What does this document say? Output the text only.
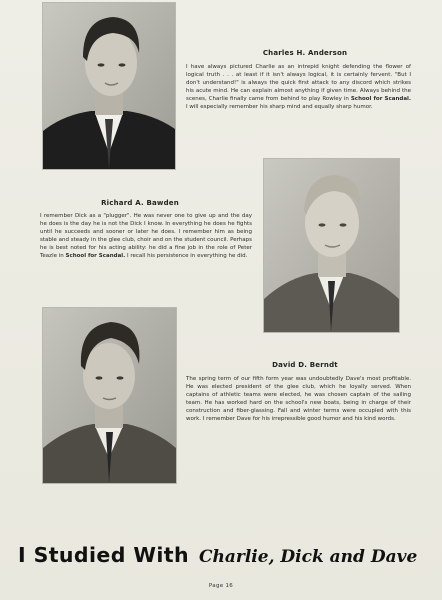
Charles H. Anderson
I have always pictured Charlie as an intrepid knight defending the flower of logical truth . . . at least if it isn't always logical, it is certainly fervent. "But I don't understand!" is always the quick first attack to any discord which strikes his acute mind. He can explain almost anything if given time. Always behind the scenes, Charlie finally came from behind to play Rowley in School for Scandal. I will especially remember his sharp mind and equally sharp humor.
Richard A. Bawden
I remember Dick as a "plugger". He was never one to give up and the day he does is the day he is not the Dick I know. In everything he does he fights until he succeeds and sooner or later he does. I remember him as being stable and steady in the glee club, choir and on the student council. Perhaps he is best noted for his acting ability: he did a fine job in the role of Peter Teazle in School for Scandal. I recall his persistence in everything he did.
David D. Berndt
The spring term of our fifth form year was undoubtedly Dave's most profitable. He was elected president of the glee club, which he loyally served. When captains of athletic teams were elected, he was chosen captain of the sailing team. He has worked hard on the school's new boats, being in charge of their construction and fiber-glassing. Fall and winter terms were occupied with this work. I remember Dave for his irrepressible good humor and his kind words.
I Studied With Charlie, Dick and Dave
Page 16
